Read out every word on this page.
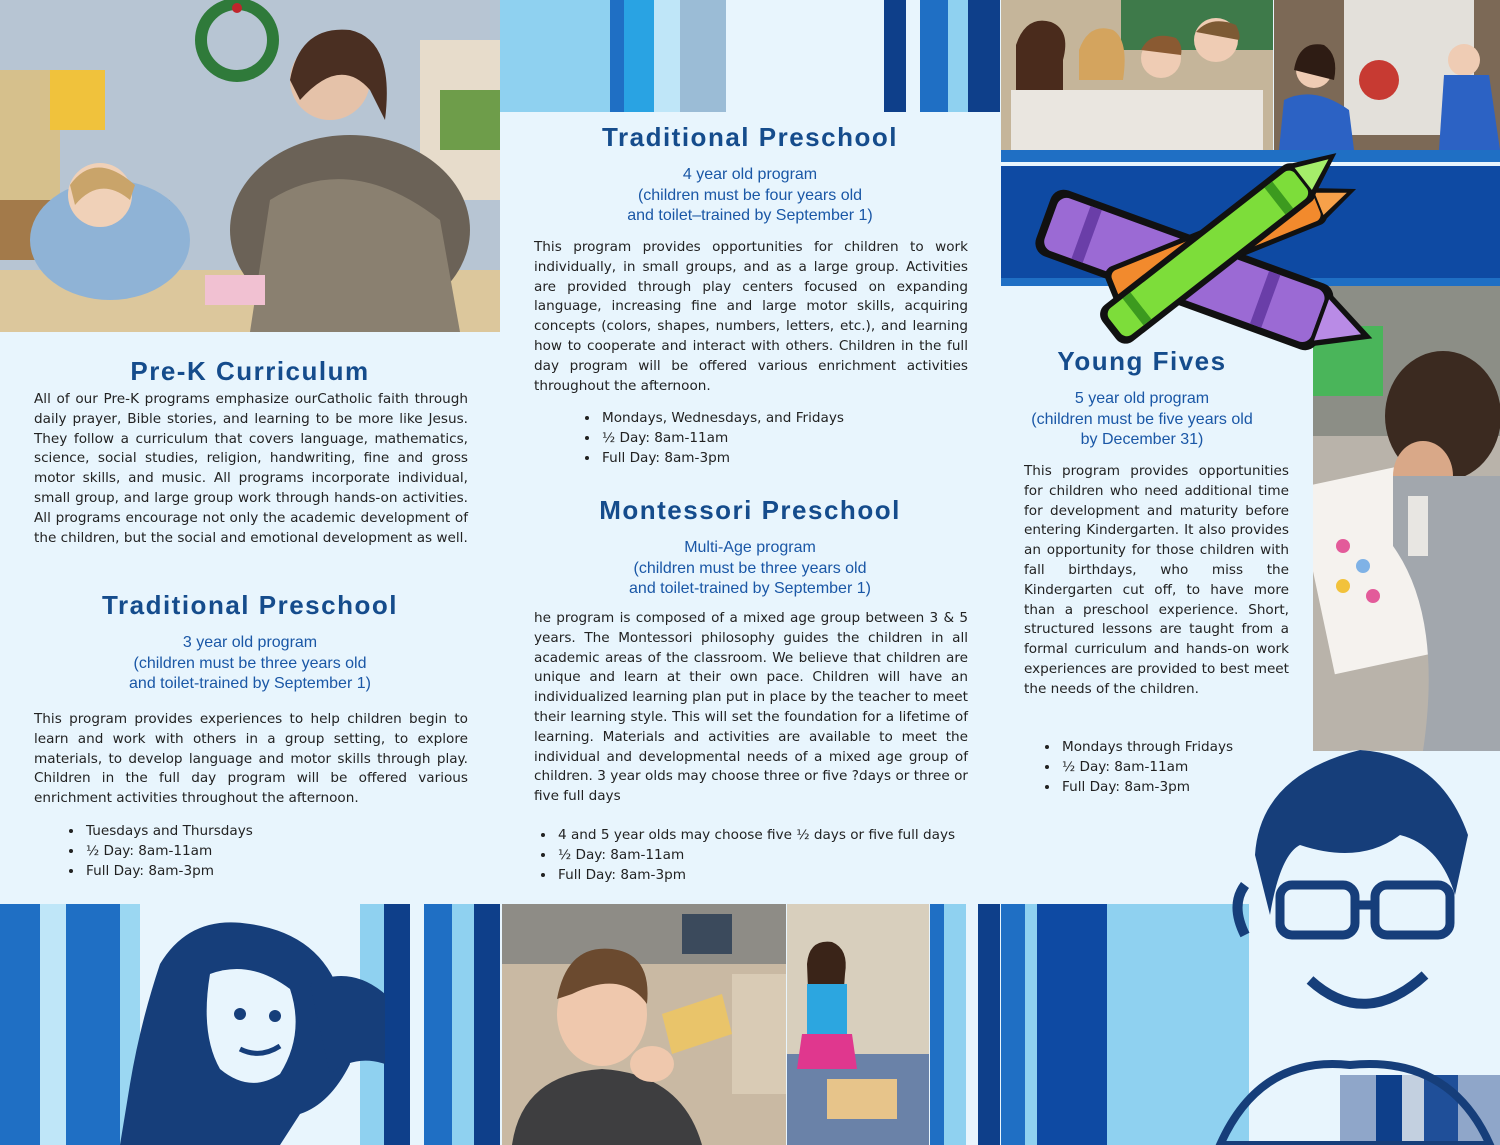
Pre-K Curriculum

All of our Pre-K programs emphasize ourCatholic faith through daily prayer, Bible stories, and learning to be more like Jesus. They follow a curriculum that covers language, mathematics, science, social studies, religion, handwriting, fine and gross motor skills, and music. All programs incorporate individual, small group, and large group work through hands-on activities. All programs encourage not only the academic development of the children, but the social and emotional development as well.

Traditional Preschool
3 year old program
(children must be three years old
and toilet-trained by September 1)

This program provides experiences to help children begin to learn and work with others in a group setting, to explore materials, to develop language and motor skills through play. Children in the full day program will be offered various enrichment activities throughout the afternoon.

• Tuesdays and Thursdays
• ½ Day: 8am-11am
• Full Day: 8am-3pm
Traditional Preschool
4 year old program
(children must be four years old
and toilet–trained by September 1)

This program provides opportunities for children to work individually, in small groups, and as a large group. Activities are provided through play centers focused on expanding language, increasing fine and large motor skills, acquiring concepts (colors, shapes, numbers, letters, etc.), and learning how to cooperate and interact with others. Children in the full day program will be offered various enrichment activities throughout the afternoon.

• Mondays, Wednesdays, and Fridays
• ½ Day: 8am-11am
• Full Day: 8am-3pm
Montessori Preschool
Multi-Age program
(children must be three years old
and toilet-trained by September 1)

he program is composed of a mixed age group between 3 & 5 years. The Montessori philosophy guides the children in all academic areas of the classroom. We believe that children are unique and learn at their own pace. Children will have an individualized learning plan put in place by the teacher to meet their learning style. This will set the foundation for a lifetime of learning. Materials and activities are available to meet the individual and developmental needs of a mixed age group of children. 3 year olds may choose three or five ?days or three or five full days

• 4 and 5 year olds may choose five ½ days or five full days
• ½ Day: 8am-11am
• Full Day: 8am-3pm
Young Fives
5 year old program
(children must be five years old
by December 31)

This program provides opportunities for children who need additional time for development and maturity before entering Kindergarten. It also provides an opportunity for those children with fall birthdays, who miss the Kindergarten cut off, to have more than a preschool experience. Short, structured lessons are taught from a formal curriculum and hands-on work experiences are provided to best meet the needs of the children.

• Mondays through Fridays
• ½ Day: 8am-11am
• Full Day: 8am-3pm
